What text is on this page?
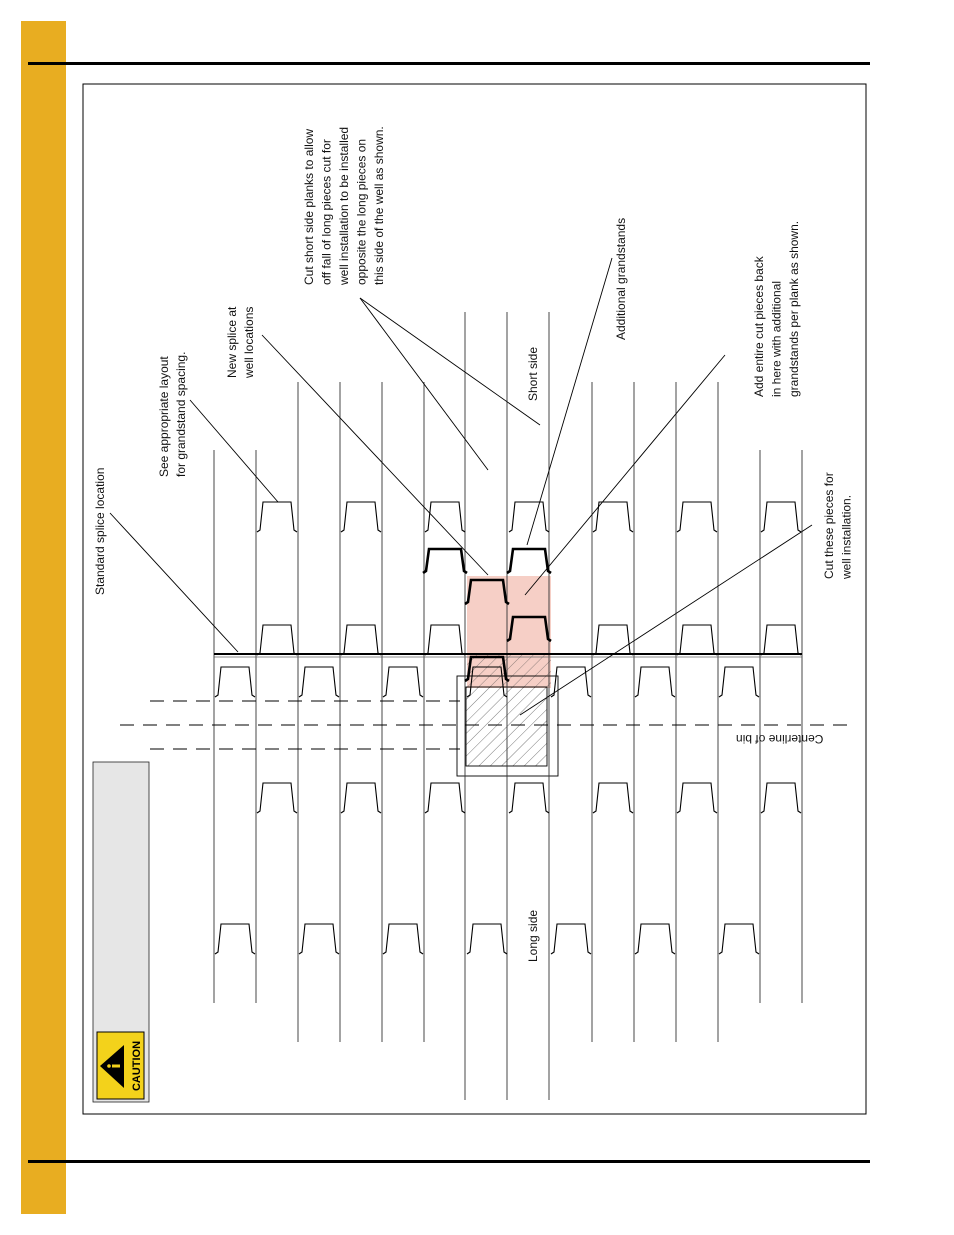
CAUTION
Standard splice location
See appropriate layout for grandstand spacing.
New splice at well locations
Cut short side planks to allow off fall of long pieces cut for well installation to be installed opposite the long pieces on this side of the well as shown.	Additional grandstands
Short side
Long side
Add entire cut pieces back in here with additional grandstands per plank as shown.
Cut these pieces for well installation.
Centerline of bin
